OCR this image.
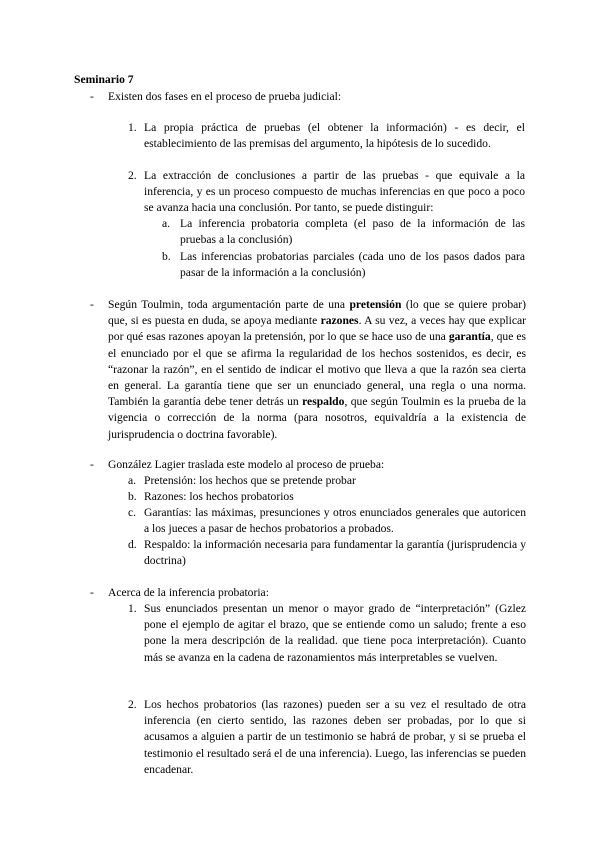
Seminario 7
- Existen dos fases en el proceso de prueba judicial:

1. La propia práctica de pruebas (el obtener la información) - es decir, el establecimiento de las premisas del argumento, la hipótesis de lo sucedido.

2. La extracción de conclusiones a partir de las pruebas - que equivale a la inferencia, y es un proceso compuesto de muchas inferencias en que poco a poco se avanza hacia una conclusión. Por tanto, se puede distinguir:

a. La inferencia probatoria completa (el paso de la información de las pruebas a la conclusión)

b. Las inferencias probatorias parciales (cada uno de los pasos dados para pasar de la información a la conclusión)

- Según Toulmin, toda argumentación parte de una pretensión (lo que se quiere probar) que, si es puesta en duda, se apoya mediante razones. A su vez, a veces hay que explicar por qué esas razones apoyan la pretensión, por lo que se hace uso de una garantía, que es el enunciado por el que se afirma la regularidad de los hechos sostenidos, es decir, es “razonar la razón”, en el sentido de indicar el motivo que lleva a que la razón sea cierta en general. La garantía tiene que ser un enunciado general, una regla o una norma. También la garantía debe tener detrás un respaldo, que según Toulmin es la prueba de la vigencia o corrección de la norma (para nosotros, equivaldría a la existencia de jurisprudencia o doctrina favorable).

- González Lagier traslada este modelo al proceso de prueba:

a. Pretensión: los hechos que se pretende probar

b. Razones: los hechos probatorios

c. Garantías: las máximas, presunciones y otros enunciados generales que autoricen a los jueces a pasar de hechos probatorios a probados.

d. Respaldo: la información necesaria para fundamentar la garantía (jurisprudencia y doctrina)

- Acerca de la inferencia probatoria:

1. Sus enunciados presentan un menor o mayor grado de “interpretación” (Gzlez pone el ejemplo de agitar el brazo, que se entiende como un saludo; frente a eso pone la mera descripción de la realidad. que tiene poca interpretación). Cuanto más se avanza en la cadena de razonamientos más interpretables se vuelven.

2. Los hechos probatorios (las razones) pueden ser a su vez el resultado de otra inferencia (en cierto sentido, las razones deben ser probadas, por lo que si acusamos a alguien a partir de un testimonio se habrá de probar, y si se prueba el testimonio el resultado será el de una inferencia). Luego, las inferencias se pueden encadenar.
